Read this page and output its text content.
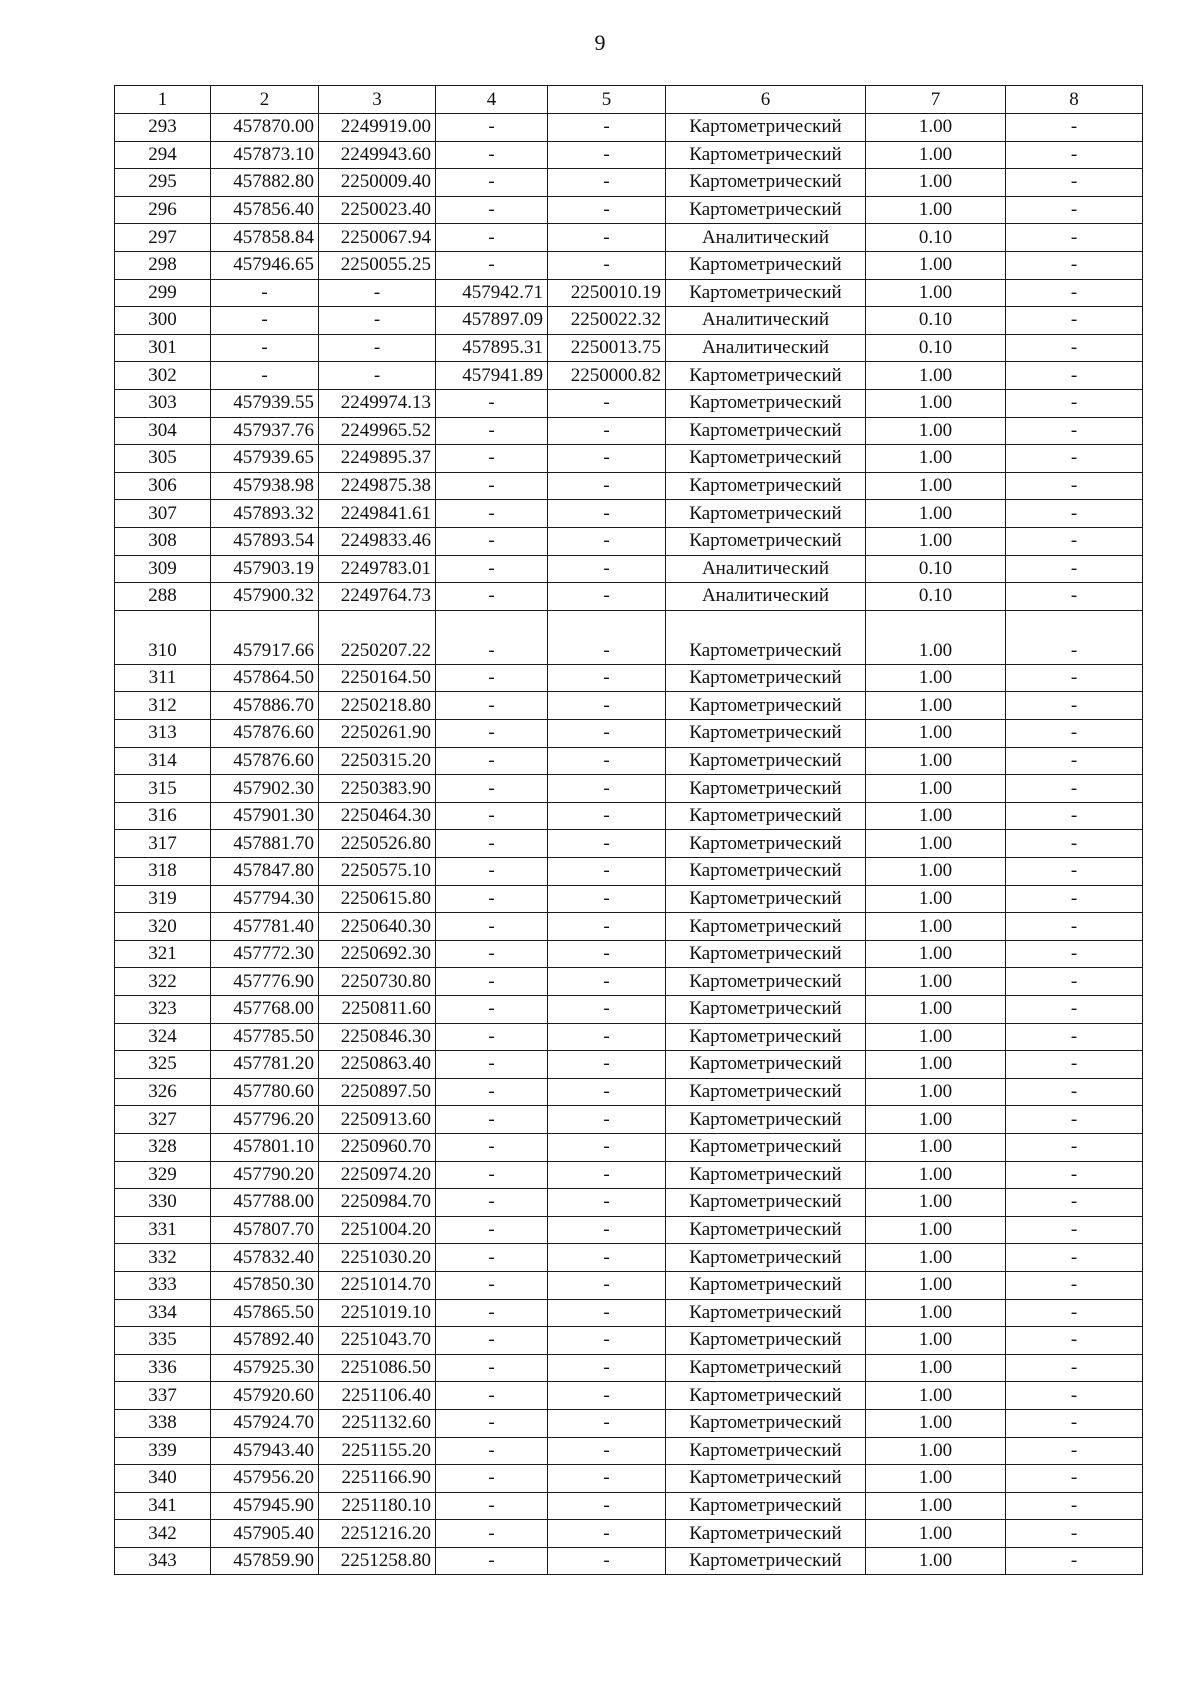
9
1	2	3	4	5	6	7	8
293	457870.00	2249919.00	-	-	Картометрический	1.00	-
294	457873.10	2249943.60	-	-	Картометрический	1.00	-
295	457882.80	2250009.40	-	-	Картометрический	1.00	-
296	457856.40	2250023.40	-	-	Картометрический	1.00	-
297	457858.84	2250067.94	-	-	Аналитический	0.10	-
298	457946.65	2250055.25	-	-	Картометрический	1.00	-
299	-	-	457942.71	2250010.19	Картометрический	1.00	-
300	-	-	457897.09	2250022.32	Аналитический	0.10	-
301	-	-	457895.31	2250013.75	Аналитический	0.10	-
302	-	-	457941.89	2250000.82	Картометрический	1.00	-
303	457939.55	2249974.13	-	-	Картометрический	1.00	-
304	457937.76	2249965.52	-	-	Картометрический	1.00	-
305	457939.65	2249895.37	-	-	Картометрический	1.00	-
306	457938.98	2249875.38	-	-	Картометрический	1.00	-
307	457893.32	2249841.61	-	-	Картометрический	1.00	-
308	457893.54	2249833.46	-	-	Картометрический	1.00	-
309	457903.19	2249783.01	-	-	Аналитический	0.10	-
288	457900.32	2249764.73	-	-	Аналитический	0.10	-

310	457917.66	2250207.22	-	-	Картометрический	1.00	-
311	457864.50	2250164.50	-	-	Картометрический	1.00	-
312	457886.70	2250218.80	-	-	Картометрический	1.00	-
313	457876.60	2250261.90	-	-	Картометрический	1.00	-
314	457876.60	2250315.20	-	-	Картометрический	1.00	-
315	457902.30	2250383.90	-	-	Картометрический	1.00	-
316	457901.30	2250464.30	-	-	Картометрический	1.00	-
317	457881.70	2250526.80	-	-	Картометрический	1.00	-
318	457847.80	2250575.10	-	-	Картометрический	1.00	-
319	457794.30	2250615.80	-	-	Картометрический	1.00	-
320	457781.40	2250640.30	-	-	Картометрический	1.00	-
321	457772.30	2250692.30	-	-	Картометрический	1.00	-
322	457776.90	2250730.80	-	-	Картометрический	1.00	-
323	457768.00	2250811.60	-	-	Картометрический	1.00	-
324	457785.50	2250846.30	-	-	Картометрический	1.00	-
325	457781.20	2250863.40	-	-	Картометрический	1.00	-
326	457780.60	2250897.50	-	-	Картометрический	1.00	-
327	457796.20	2250913.60	-	-	Картометрический	1.00	-
328	457801.10	2250960.70	-	-	Картометрический	1.00	-
329	457790.20	2250974.20	-	-	Картометрический	1.00	-
330	457788.00	2250984.70	-	-	Картометрический	1.00	-
331	457807.70	2251004.20	-	-	Картометрический	1.00	-
332	457832.40	2251030.20	-	-	Картометрический	1.00	-
333	457850.30	2251014.70	-	-	Картометрический	1.00	-
334	457865.50	2251019.10	-	-	Картометрический	1.00	-
335	457892.40	2251043.70	-	-	Картометрический	1.00	-
336	457925.30	2251086.50	-	-	Картометрический	1.00	-
337	457920.60	2251106.40	-	-	Картометрический	1.00	-
338	457924.70	2251132.60	-	-	Картометрический	1.00	-
339	457943.40	2251155.20	-	-	Картометрический	1.00	-
340	457956.20	2251166.90	-	-	Картометрический	1.00	-
341	457945.90	2251180.10	-	-	Картометрический	1.00	-
342	457905.40	2251216.20	-	-	Картометрический	1.00	-
343	457859.90	2251258.80	-	-	Картометрический	1.00	-
